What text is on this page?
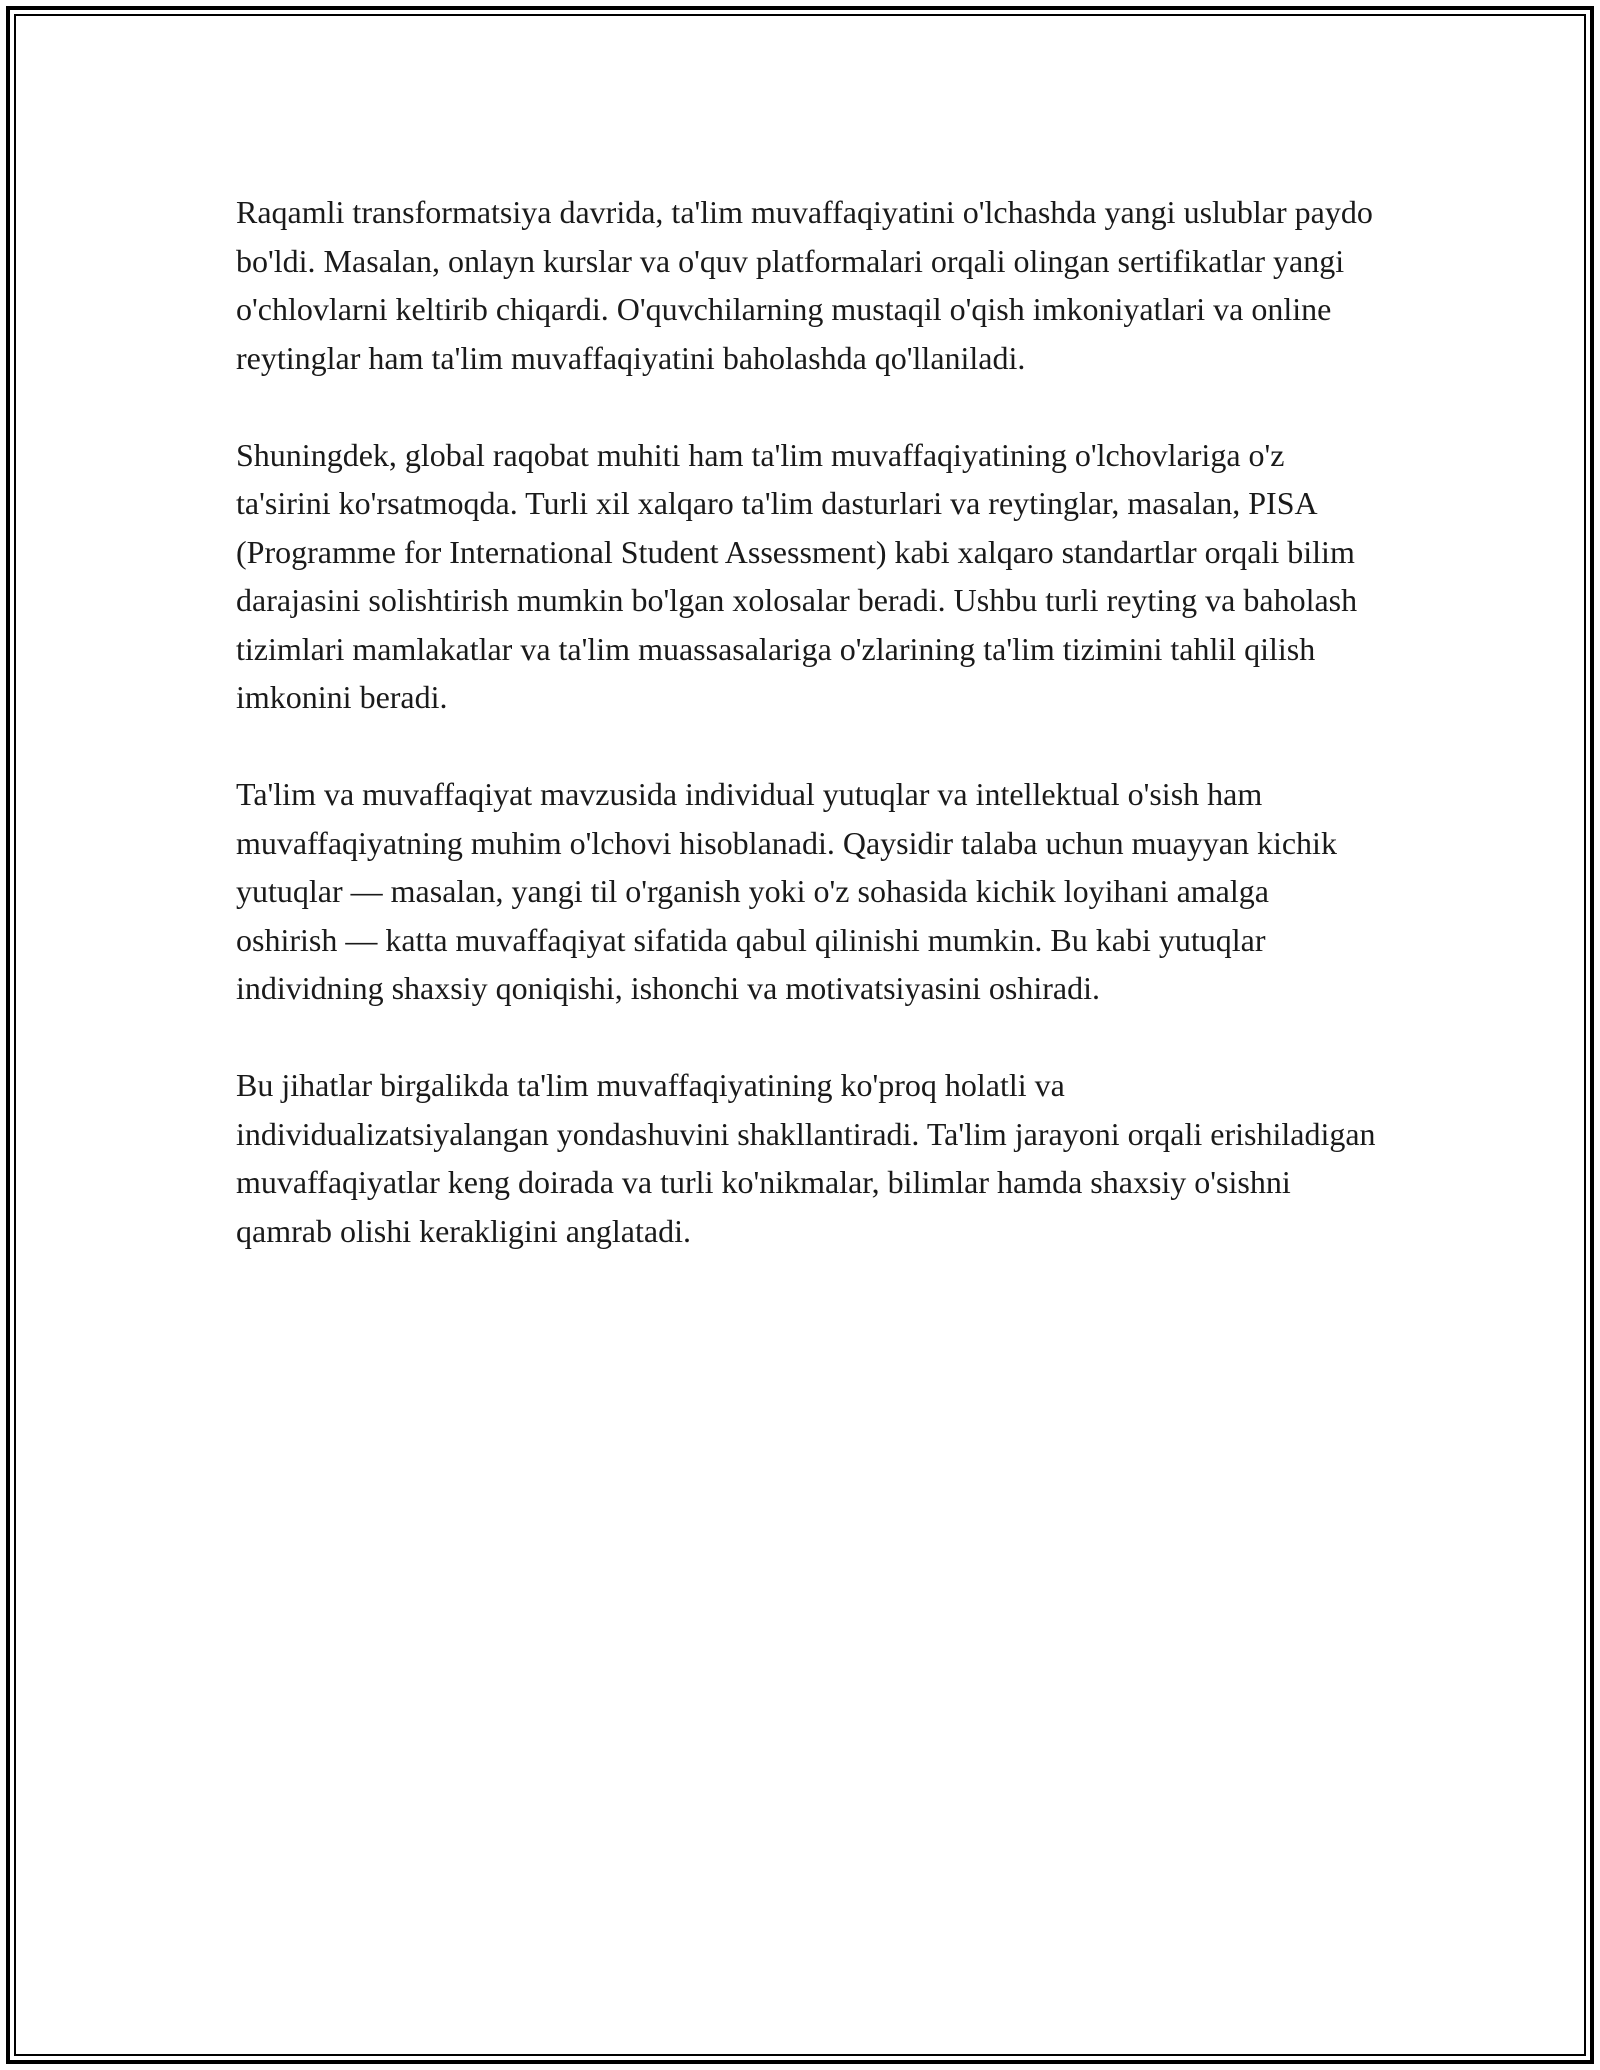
Raqamli transformatsiya davrida, ta'lim muvaffaqiyatini o'lchashda yangi uslublar paydo bo'ldi. Masalan, onlayn kurslar va o'quv platformalari orqali olingan sertifikatlar yangi o'chlovlarni keltirib chiqardi. O'quvchilarning mustaqil o'qish imkoniyatlari va online reytinglar ham ta'lim muvaffaqiyatini baholashda qo'llaniladi.

Shuningdek, global raqobat muhiti ham ta'lim muvaffaqiyatining o'lchovlariga o'z ta'sirini ko'rsatmoqda. Turli xil xalqaro ta'lim dasturlari va reytinglar, masalan, PISA (Programme for International Student Assessment) kabi xalqaro standartlar orqali bilim darajasini solishtirish mumkin bo'lgan xolosalar beradi. Ushbu turli reyting va baholash tizimlari mamlakatlar va ta'lim muassasalariga o'zlarining ta'lim tizimini tahlil qilish imkonini beradi.

Ta'lim va muvaffaqiyat mavzusida individual yutuqlar va intellektual o'sish ham muvaffaqiyatning muhim o'lchovi hisoblanadi. Qaysidir talaba uchun muayyan kichik yutuqlar — masalan, yangi til o'rganish yoki o'z sohasida kichik loyihani amalga oshirish — katta muvaffaqiyat sifatida qabul qilinishi mumkin. Bu kabi yutuqlar individning shaxsiy qoniqishi, ishonchi va motivatsiyasini oshiradi.

Bu jihatlar birgalikda ta'lim muvaffaqiyatining ko'proq holatli va individualizatsiyalangan yondashuvini shakllantiradi. Ta'lim jarayoni orqali erishiladigan muvaffaqiyatlar keng doirada va turli ko'nikmalar, bilimlar hamda shaxsiy o'sishni qamrab olishi kerakligini anglatadi.
